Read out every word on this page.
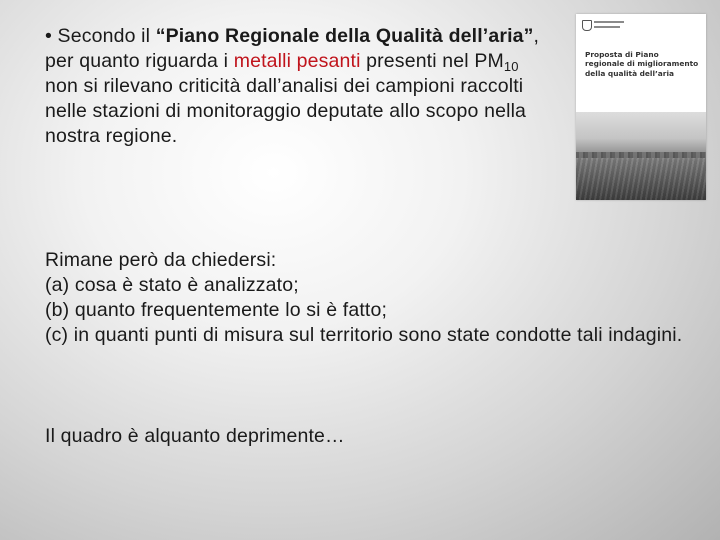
• Secondo il “Piano Regionale della Qualità dell’aria”, per quanto riguarda i metalli pesanti presenti nel $PM_{10}$ non si rilevano criticità dall’analisi dei campioni raccolti nelle stazioni di monitoraggio deputate allo scopo nella nostra regione.

Rimane però da chiedersi:
(a) cosa è stato è analizzato;
(b) quanto frequentemente lo si è fatto;
(c) in quanti punti di misura sul territorio sono state condotte tali indagini.

Il quadro è alquanto deprimente…

Proposta di Piano regionale di miglioramento della qualità dell’aria
